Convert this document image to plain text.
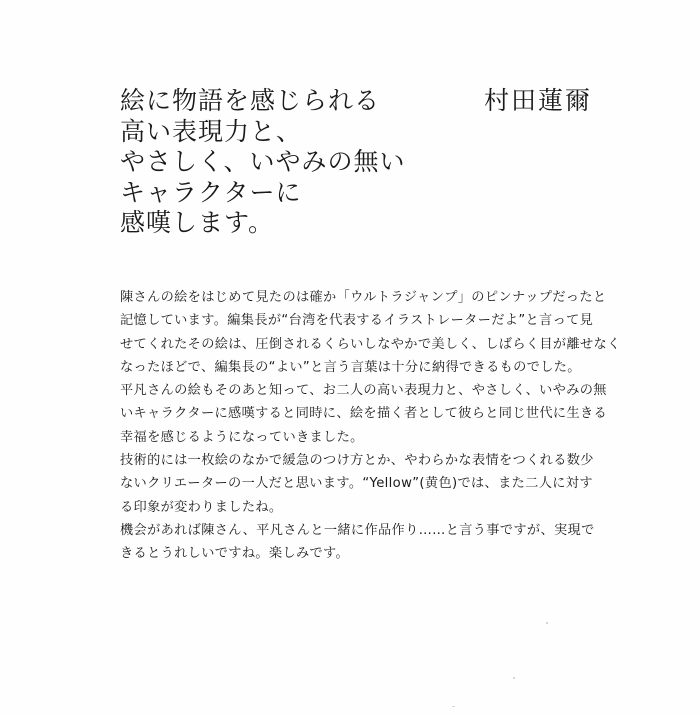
絵に物語を感じられる
高い表現力と、
やさしく、いやみの無い
キャラクターに
感嘆します。
村田蓮爾
陳さんの絵をはじめて見たのは確か「ウルトラジャンプ」のピンナップだったと
記憶しています。編集長が“台湾を代表するイラストレーターだよ”と言って見
せてくれたその絵は、圧倒されるくらいしなやかで美しく、しばらく目が離せなく
なったほどで、編集長の“よい”と言う言葉は十分に納得できるものでした。
平凡さんの絵もそのあと知って、お二人の高い表現力と、やさしく、いやみの無
いキャラクターに感嘆すると同時に、絵を描く者として彼らと同じ世代に生きる
幸福を感じるようになっていきました。
技術的には一枚絵のなかで緩急のつけ方とか、やわらかな表情をつくれる数少
ないクリエーターの一人だと思います。“Yellow”(黄色)では、また二人に対す
る印象が変わりましたね。
機会があれば陳さん、平凡さんと一緒に作品作り……と言う事ですが、実現で
きるとうれしいですね。楽しみです。
